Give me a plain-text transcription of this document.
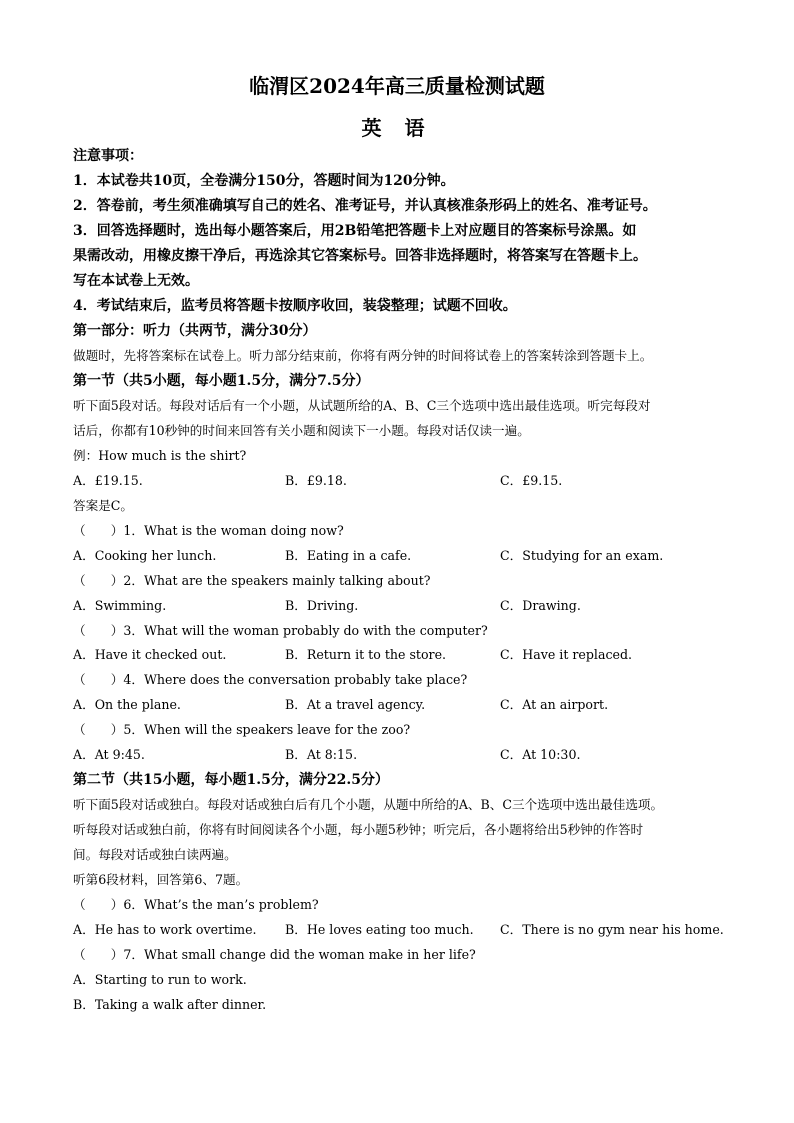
临渭区2024年高三质量检测试题
英 语
注意事项：
1．本试卷共10页，全卷满分150分，答题时间为120分钟。
2．答卷前，考生须准确填写自己的姓名、准考证号，并认真核准条形码上的姓名、准考证号。
3．回答选择题时，选出每小题答案后，用2B铅笔把答题卡上对应题目的答案标号涂黑。如
果需改动，用橡皮擦干净后，再选涂其它答案标号。回答非选择题时，将答案写在答题卡上。
写在本试卷上无效。
4．考试结束后，监考员将答题卡按顺序收回，装袋整理；试题不回收。
第一部分：听力（共两节，满分30分）
做题时，先将答案标在试卷上。听力部分结束前，你将有两分钟的时间将试卷上的答案转涂到答题卡上。
第一节（共5小题，每小题1.5分，满分7.5分）
听下面5段对话。每段对话后有一个小题，从试题所给的A、B、C三个选项中选出最佳选项。听完每段对
话后，你都有10秒钟的时间来回答有关小题和阅读下一小题。每段对话仅读一遍。
例：How much is the shirt?
A．£19.15.	B．£9.18.	C．£9.15.
答案是C。
（　　）1．What is the woman doing now?
A．Cooking her lunch.	B．Eating in a cafe.	C．Studying for an exam.
（　　）2．What are the speakers mainly talking about?
A．Swimming.	B．Driving.	C．Drawing.
（　　）3．What will the woman probably do with the computer?
A．Have it checked out.	B．Return it to the store.	C．Have it replaced.
（　　）4．Where does the conversation probably take place?
A．On the plane.	B．At a travel agency.	C．At an airport.
（　　）5．When will the speakers leave for the zoo?
A．At 9:45.	B．At 8:15.	C．At 10:30.
第二节（共15小题，每小题1.5分，满分22.5分）
听下面5段对话或独白。每段对话或独白后有几个小题，从题中所给的A、B、C三个选项中选出最佳选项。
听每段对话或独白前，你将有时间阅读各个小题，每小题5秒钟；听完后，各小题将给出5秒钟的作答时
间。每段对话或独白读两遍。
听第6段材料，回答第6、7题。
（　　）6．What’s the man’s problem?
A．He has to work overtime. B．He loves eating too much. C．There is no gym near his home.
（　　）7．What small change did the woman make in her life?
A．Starting to run to work.
B．Taking a walk after dinner.
